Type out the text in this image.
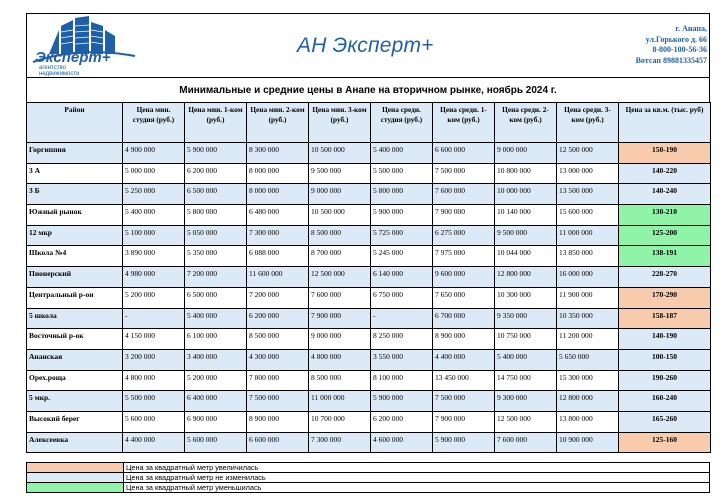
Эксперт+
агентство
недвижимости
АН Эксперт+
г. Анапа,
ул.Горького д. 66
8-800-100-56-36
Вотсап 89881335457
Минимальные и средние цены в Анапе на вторичном рынке, ноябрь 2024 г.
Район	Цена мин. студия (руб.)	Цена мин. 1-ком (руб.)	Цена мин. 2-ком (руб.)	Цена мин. 3-ком (руб.)	Цена средн. студия (руб.)	Цена средн. 1-ком (руб.)	Цена средн. 2-ком (руб.)	Цена средн. 3-ком (руб.)	Цена за кв.м. (тыс. руб)
Горгиппия	4 900 000	5 900 000	8 300 000	10 500 000	5 400 000	6 600 000	9 000 000	12 500 000	150-190
3 А	5 000 000	6 200 000	8 000 000	9 500 000	5 500 000	7 500 000	10 800 000	13 000 000	140-220
3 Б	5 250 000	6 500 000	8 000 000	9 000 000	5 800 000	7 600 000	10 000 000	13 500 000	140-240
Южный рынок	5 400 000	5 800 000	6 480 000	10 500 000	5 900 000	7 900 000	10 140 000	15 600 000	130-210
12 мкр	5 100 000	5 050 000	7 300 000	8 500 000	5 725 000	6 275 000	9 500 000	11 000 000	125-200
Школа №4	3 890 000	5 350 000	6 088 000	8 700 000	5 245 000	7 975 000	10 044 000	13 850 000	138-191
Пионерский	4 980 000	7 200 000	11 600 000	12 500 000	6 140 000	9 600 000	12 800 000	16 000 000	228-270
Центральный р-он	5 200 000	6 500 000	7 200 000	7 600 000	6 750 000	7 650 000	10 300 000	11 900 000	170-290
5 школа	-	5 400 000	6 200 000	7 900 000	-	6 700 000	9 350 000	10 350 000	158-187
Восточный р-ок	4 150 000	6 100 000	8 500 000	9 000 000	8 250 000	8 900 000	10 750 000	11 200 000	140-190
Ананская	3 200 000	3 400 000	4 300 000	4 800 000	3 550 000	4 400 000	5 400 000	5 650 000	100-150
Орех.роща	4 800 000	5 200 000	7 800 000	8 500 000	8 100 000	13 450 000	14 750 000	15 300 000	190-260
5 мкр.	5 500 000	6 400 000	7 500 000	11 000 000	5 900 000	7 500 000	9 300 000	12 800 000	160-240
Высокий берег	5 600 000	6 900 000	8 900 000	10 700 000	6 200 000	7 900 000	12 500 000	13 800 000	165-260
Алексеевка	4 400 000	5 600 000	6 600 000	7 300 000	4 600 000	5 900 000	7 600 000	10 900 000	125-160
	Цена за квадратный метр увеличилась
	Цена за квадратный метр не изменилась
	Цена за квадратный метр уменьшилась
